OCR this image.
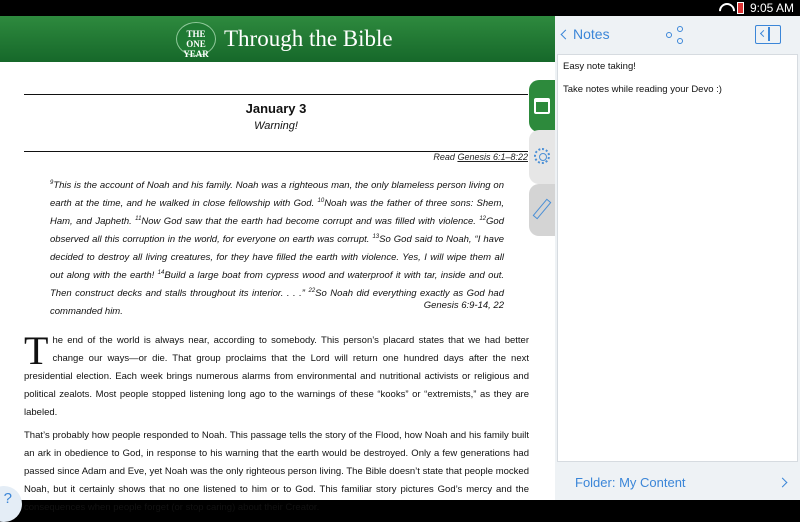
9:05 AM
THE
ONE
YEAR
Through the Bible
January 3
Warning!
Read Genesis 6:1–8:22
$^9$This is the account of Noah and his family. Noah was a righteous man, the only blameless person living on earth at the time, and he walked in close fellowship with God. $^{10}$Noah was the father of three sons: Shem, Ham, and Japheth. $^{11}$Now God saw that the earth had become corrupt and was filled with violence. $^{12}$God observed all this corruption in the world, for everyone on earth was corrupt. $^{13}$So God said to Noah, “I have decided to destroy all living creatures, for they have filled the earth with violence. Yes, I will wipe them all out along with the earth! $^{14}$Build a large boat from cypress wood and waterproof it with tar, inside and out. Then construct decks and stalls throughout its interior. . . .” $^{22}$So Noah did everything exactly as God had commanded him.
Genesis 6:9-14, 22

The end of the world is always near, according to somebody. This person’s placard states that we had better change our ways—or die. That group proclaims that the Lord will return one hundred days after the next presidential election. Each week brings numerous alarms from environmental and nutritional activists or religious and political zealots. Most people stopped listening long ago to the warnings of these “kooks” or “extremists,” as they are labeled.

That’s probably how people responded to Noah. This passage tells the story of the Flood, how Noah and his family built an ark in obedience to God, in response to his warning that the earth would be destroyed. Only a few generations had passed since Adam and Eve, yet Noah was the only righteous person living. The Bible doesn’t state that people mocked Noah, but it certainly shows that no one listened to him or to God. This familiar story pictures God’s mercy and the consequences when people forget (or stop caring) about their Creator.

?
Notes
Easy note taking!
Take notes while reading your Devo :)
Folder: My Content
